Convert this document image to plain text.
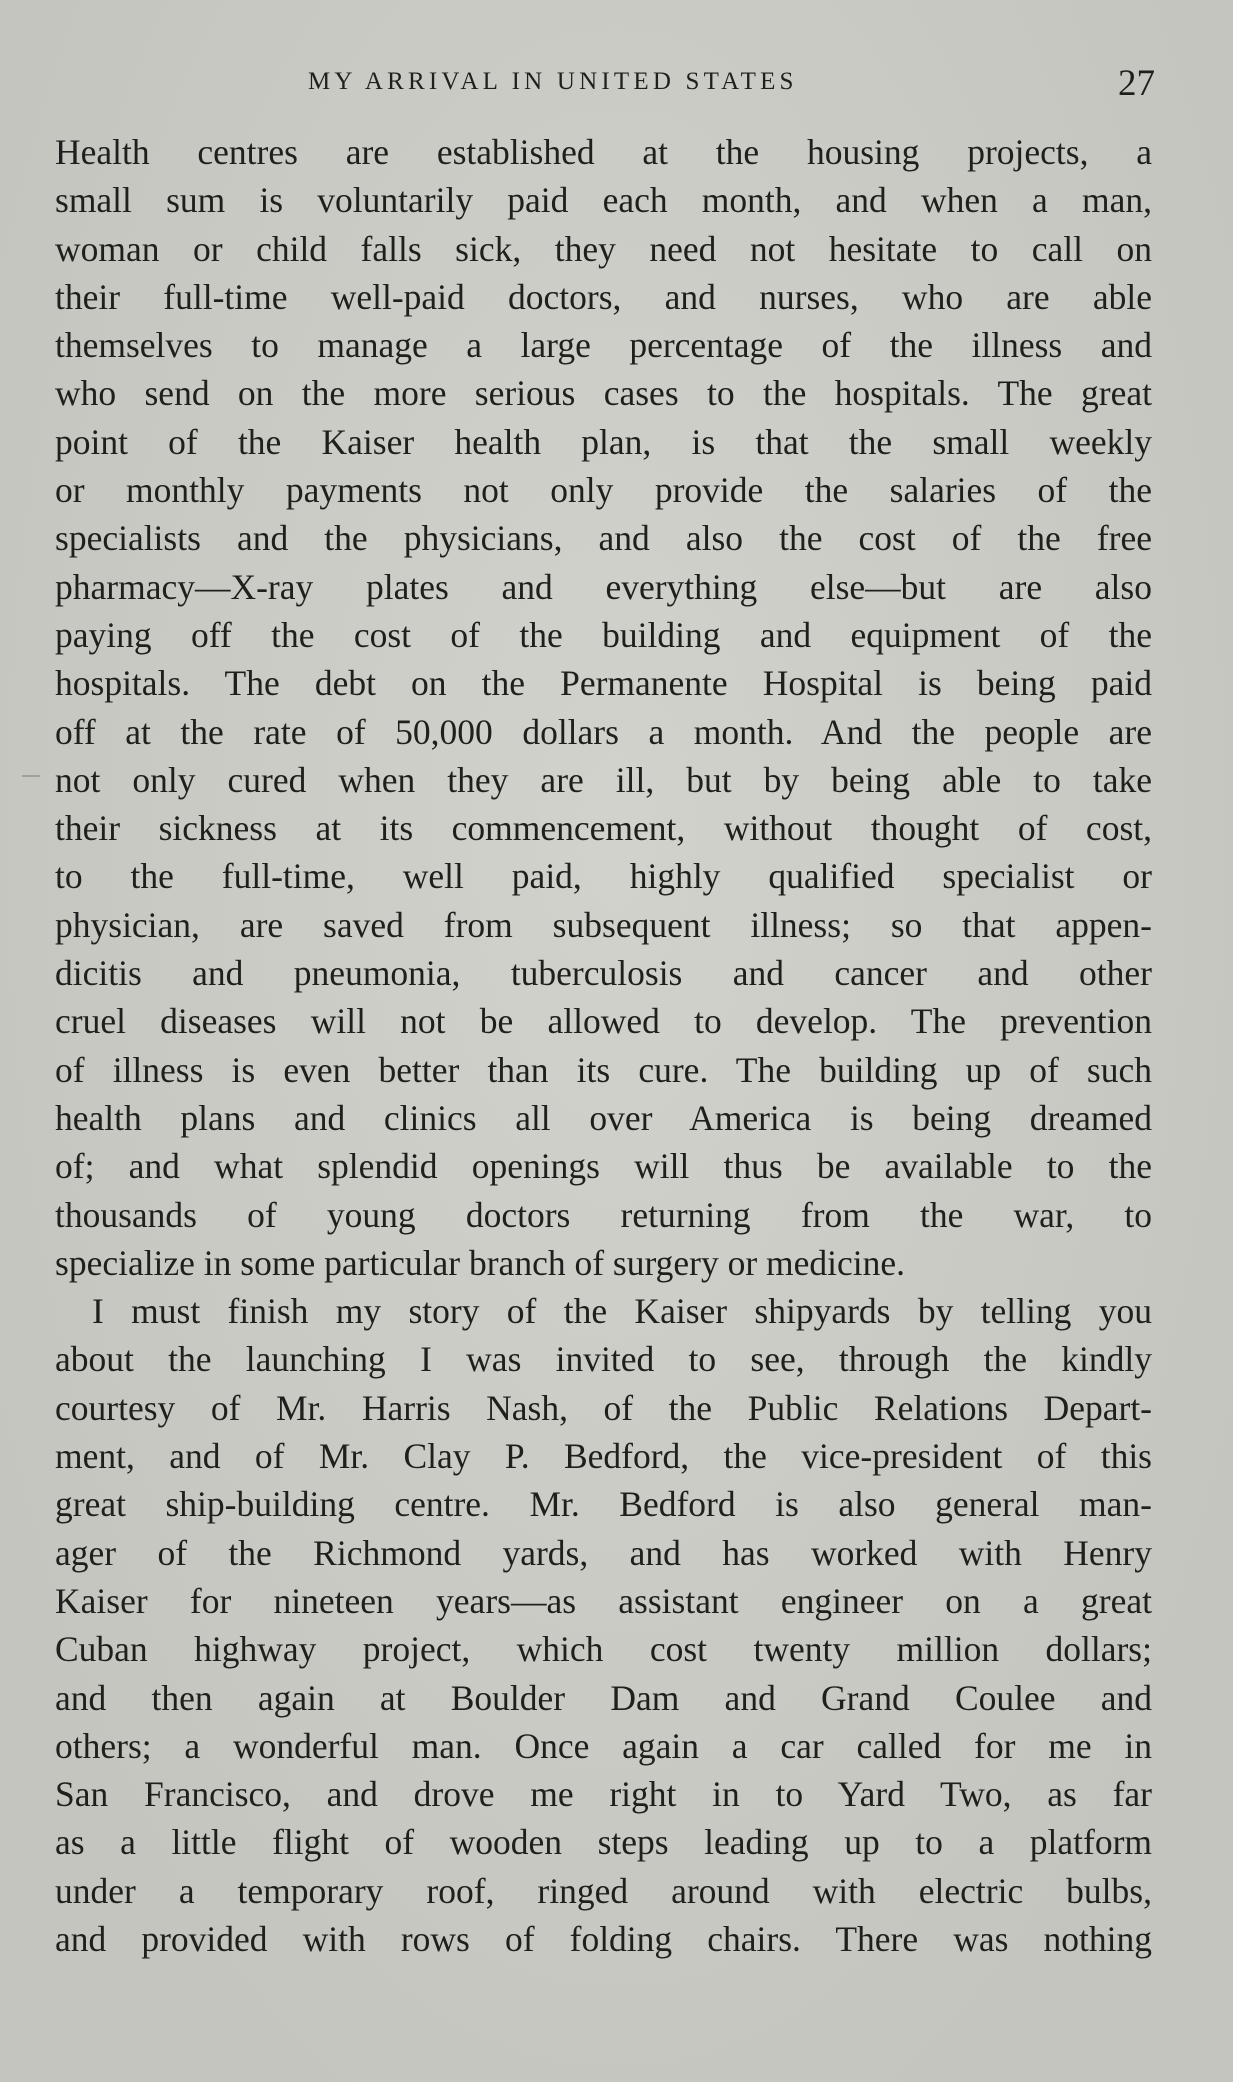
MY ARRIVAL IN UNITED STATES	27
Health centres are established at the housing projects, a
small sum is voluntarily paid each month, and when a man,
woman or child falls sick, they need not hesitate to call on
their full-time well-paid doctors, and nurses, who are able
themselves to manage a large percentage of the illness and
who send on the more serious cases to the hospitals. The great
point of the Kaiser health plan, is that the small weekly
or monthly payments not only provide the salaries of the
specialists and the physicians, and also the cost of the free
pharmacy—X-ray plates and everything else—but are also
paying off the cost of the building and equipment of the
hospitals. The debt on the Permanente Hospital is being paid
off at the rate of 50,000 dollars a month. And the people are
not only cured when they are ill, but by being able to take
their sickness at its commencement, without thought of cost,
to the full-time, well paid, highly qualified specialist or
physician, are saved from subsequent illness; so that appen-
dicitis and pneumonia, tuberculosis and cancer and other
cruel diseases will not be allowed to develop. The prevention
of illness is even better than its cure. The building up of such
health plans and clinics all over America is being dreamed
of; and what splendid openings will thus be available to the
thousands of young doctors returning from the war, to
specialize in some particular branch of surgery or medicine.
I must finish my story of the Kaiser shipyards by telling you
about the launching I was invited to see, through the kindly
courtesy of Mr. Harris Nash, of the Public Relations Depart-
ment, and of Mr. Clay P. Bedford, the vice-president of this
great ship-building centre. Mr. Bedford is also general man-
ager of the Richmond yards, and has worked with Henry
Kaiser for nineteen years—as assistant engineer on a great
Cuban highway project, which cost twenty million dollars;
and then again at Boulder Dam and Grand Coulee and
others; a wonderful man. Once again a car called for me in
San Francisco, and drove me right in to Yard Two, as far
as a little flight of wooden steps leading up to a platform
under a temporary roof, ringed around with electric bulbs,
and provided with rows of folding chairs. There was nothing
